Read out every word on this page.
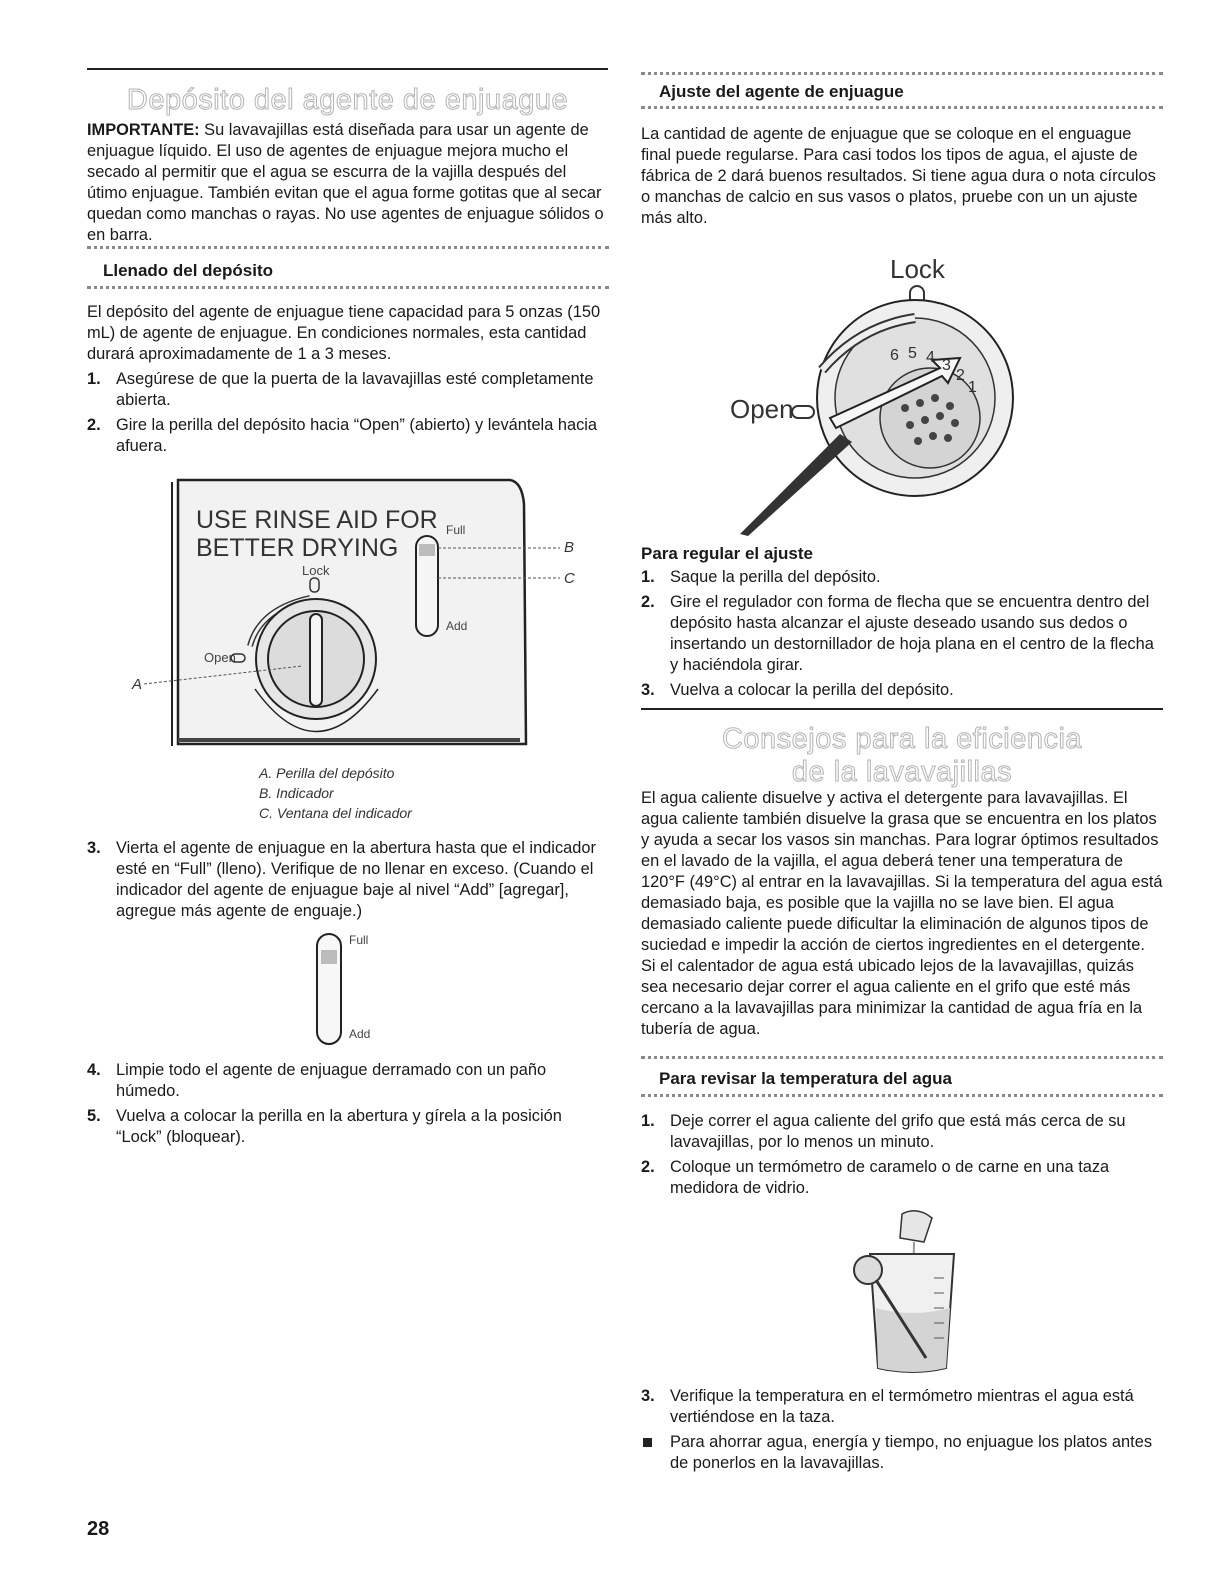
Depósito del agente de enjuague

IMPORTANTE: Su lavavajillas está diseñada para usar un agente de enjuague líquido. El uso de agentes de enjuague mejora mucho el secado al permitir que el agua se escurra de la vajilla después del útimo enjuague. También evitan que el agua forme gotitas que al secar quedan como manchas o rayas. No use agentes de enjuague sólidos o en barra.

Llenado del depósito

El depósito del agente de enjuague tiene capacidad para 5 onzas (150 mL) de agente de enjuague. En condiciones normales, esta cantidad durará aproximadamente de 1 a 3 meses.

1. Asegúrese de que la puerta de la lavavajillas esté completamente abierta.
2. Gire la perilla del depósito hacia “Open” (abierto) y levántela hacia afuera.
USE RINSE AID FOR
BETTER DRYING
Lock
Open
A
Full
Add
B
C
A. Perilla del depósito
B. Indicador
C. Ventana del indicador
3. Vierta el agente de enjuague en la abertura hasta que el indicador esté en “Full” (lleno). Verifique de no llenar en exceso. (Cuando el indicador del agente de enjuague baje al nivel “Add” [agregar], agregue más agente de enguaje.)
Full
Add
4. Limpie todo el agente de enjuague derramado con un paño húmedo.
5. Vuelva a colocar la perilla en la abertura y gírela a la posición “Lock” (bloquear).
28
Ajuste del agente de enjuague

La cantidad de agente de enjuague que se coloque en el enguague final puede regularse. Para casi todos los tipos de agua, el ajuste de fábrica de 2 dará buenos resultados. Si tiene agua dura o nota círculos o manchas de calcio en sus vasos o platos, pruebe con un un ajuste más alto.

Lock
Open
6 5 4 3
2
1
Para regular el ajuste
1. Saque la perilla del depósito.
2. Gire el regulador con forma de flecha que se encuentra dentro del depósito hasta alcanzar el ajuste deseado usando sus dedos o insertando un destornillador de hoja plana en el centro de la flecha y haciéndola girar.
3. Vuelva a colocar la perilla del depósito.
Consejos para la eficiencia
de la lavavajillas

El agua caliente disuelve y activa el detergente para lavavajillas. El agua caliente también disuelve la grasa que se encuentra en los platos y ayuda a secar los vasos sin manchas. Para lograr óptimos resultados en el lavado de la vajilla, el agua deberá tener una temperatura de 120°F (49°C) al entrar en la lavavajillas. Si la temperatura del agua está demasiado baja, es posible que la vajilla no se lave bien. El agua demasiado caliente puede dificultar la eliminación de algunos tipos de suciedad e impedir la acción de ciertos ingredientes en el detergente. Si el calentador de agua está ubicado lejos de la lavavajillas, quizás sea necesario dejar correr el agua caliente en el grifo que esté más cercano a la lavavajillas para minimizar la cantidad de agua fría en la tubería de agua.

Para revisar la temperatura del agua
1. Deje correr el agua caliente del grifo que está más cerca de su lavavajillas, por lo menos un minuto.
2. Coloque un termómetro de caramelo o de carne en una taza medidora de vidrio.
3. Verifique la temperatura en el termómetro mientras el agua está vertiéndose en la taza.
Para ahorrar agua, energía y tiempo, no enjuague los platos antes de ponerlos en la lavavajillas.
